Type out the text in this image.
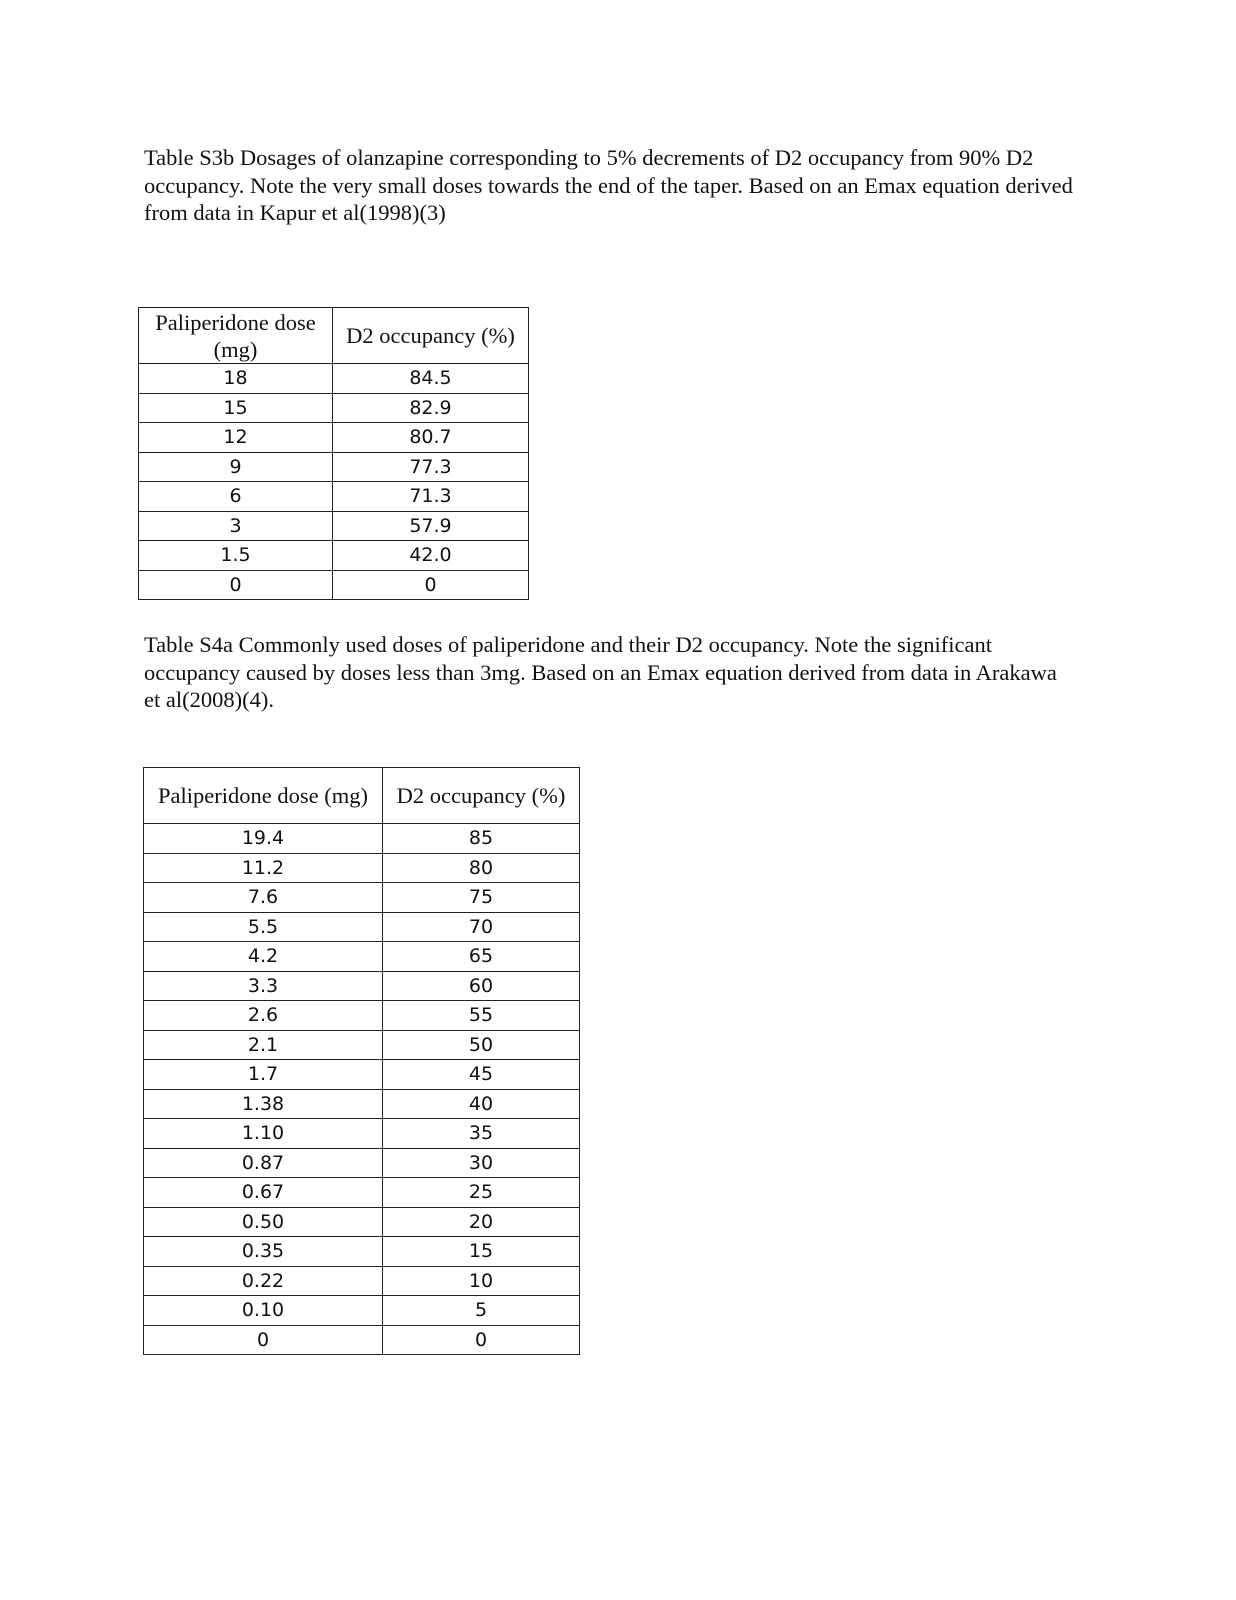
Table S3b Dosages of olanzapine corresponding to 5% decrements of D2 occupancy from 90% D2 occupancy. Note the very small doses towards the end of the taper. Based on an Emax equation derived from data in Kapur et al(1998)(3)

Paliperidone dose (mg)	D2 occupancy (%)
18	84.5
15	82.9
12	80.7
9	77.3
6	71.3
3	57.9
1.5	42.0
0	0

Table S4a Commonly used doses of paliperidone and their D2 occupancy. Note the significant occupancy caused by doses less than 3mg. Based on an Emax equation derived from data in Arakawa et al(2008)(4).

Paliperidone dose (mg)	D2 occupancy (%)
19.4	85
11.2	80
7.6	75
5.5	70
4.2	65
3.3	60
2.6	55
2.1	50
1.7	45
1.38	40
1.10	35
0.87	30
0.67	25
0.50	20
0.35	15
0.22	10
0.10	5
0	0
